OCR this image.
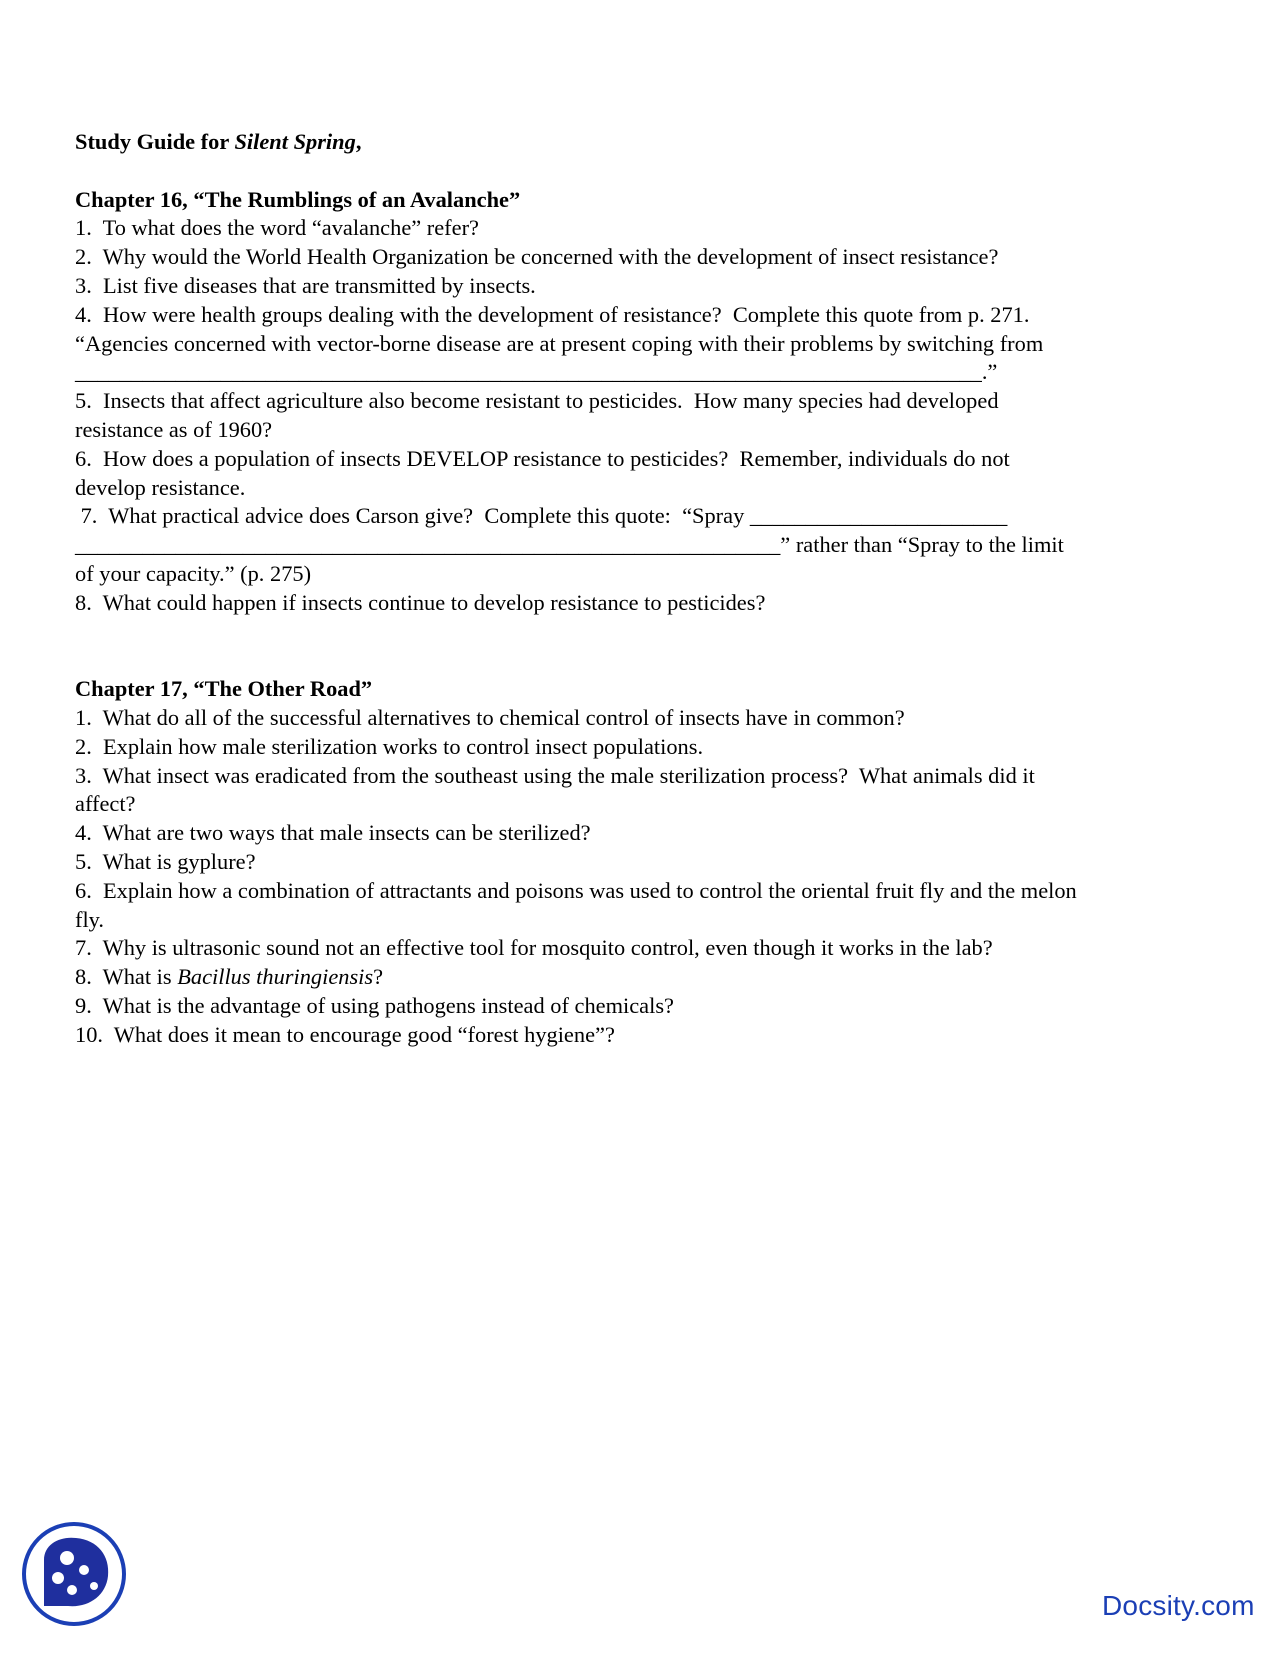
Study Guide for Silent Spring,

Chapter 16, “The Rumblings of an Avalanche”

1.  To what does the word “avalanche” refer?

2.  Why would the World Health Organization be concerned with the development of insect resistance?

3.  List five diseases that are transmitted by insects.

4.  How were health groups dealing with the development of resistance?  Complete this quote from p. 271.

“Agencies concerned with vector-borne disease are at present coping with their problems by switching from

_________________________________________________________________________________.”

5.  Insects that affect agriculture also become resistant to pesticides.  How many species had developed

resistance as of 1960?

6.  How does a population of insects DEVELOP resistance to pesticides?  Remember, individuals do not

develop resistance.

7.  What practical advice does Carson give?  Complete this quote:  “Spray _______________________

_______________________________________________________________” rather than “Spray to the limit

of your capacity.” (p. 275)

8.  What could happen if insects continue to develop resistance to pesticides?

Chapter 17, “The Other Road”

1.  What do all of the successful alternatives to chemical control of insects have in common?

2.  Explain how male sterilization works to control insect populations.

3.  What insect was eradicated from the southeast using the male sterilization process?  What animals did it

affect?

4.  What are two ways that male insects can be sterilized?

5.  What is gyplure?

6.  Explain how a combination of attractants and poisons was used to control the oriental fruit fly and the melon

fly.

7.  Why is ultrasonic sound not an effective tool for mosquito control, even though it works in the lab?

8.  What is Bacillus thuringiensis?

9.  What is the advantage of using pathogens instead of chemicals?

10.  What does it mean to encourage good “forest hygiene”?

Docsity.com
